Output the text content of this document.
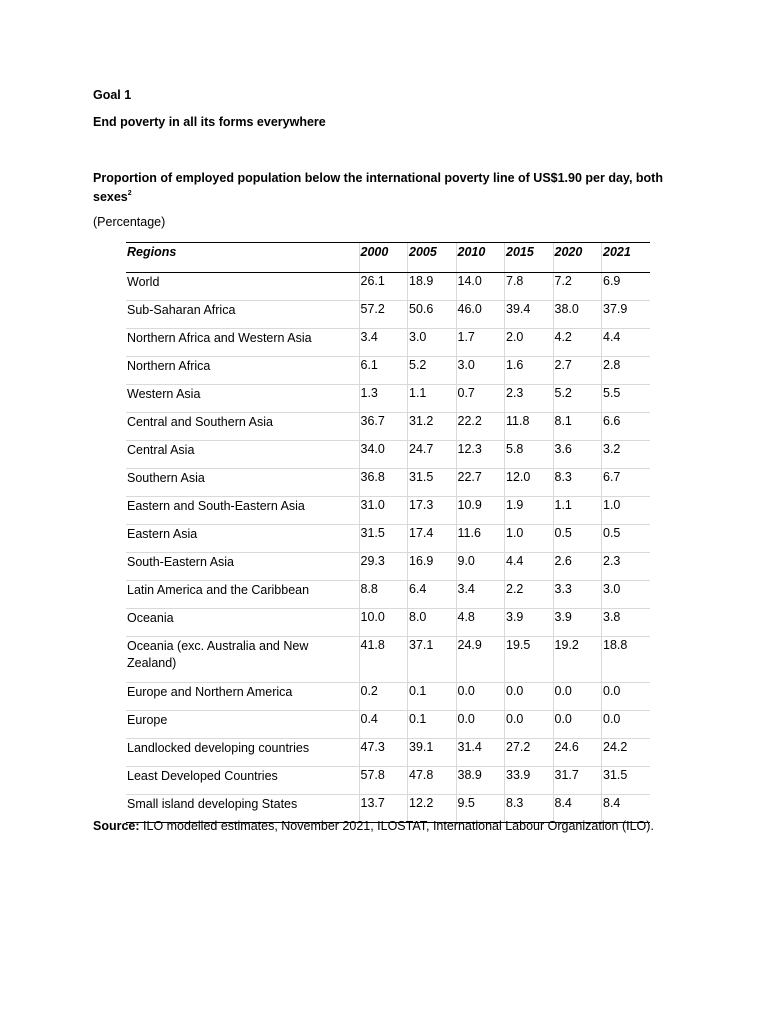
Goal 1
End poverty in all its forms everywhere
Proportion of employed population below the international poverty line of US$1.90 per day, both sexes$^2$
(Percentage)
Regions	2000	2005	2010	2015	2020	2021
World	26.1	18.9	14.0	7.8	7.2	6.9
Sub-Saharan Africa	57.2	50.6	46.0	39.4	38.0	37.9
Northern Africa and Western Asia	3.4	3.0	1.7	2.0	4.2	4.4
Northern Africa	6.1	5.2	3.0	1.6	2.7	2.8
Western Asia	1.3	1.1	0.7	2.3	5.2	5.5
Central and Southern Asia	36.7	31.2	22.2	11.8	8.1	6.6
Central Asia	34.0	24.7	12.3	5.8	3.6	3.2
Southern Asia	36.8	31.5	22.7	12.0	8.3	6.7
Eastern and South-Eastern Asia	31.0	17.3	10.9	1.9	1.1	1.0
Eastern Asia	31.5	17.4	11.6	1.0	0.5	0.5
South-Eastern Asia	29.3	16.9	9.0	4.4	2.6	2.3
Latin America and the Caribbean	8.8	6.4	3.4	2.2	3.3	3.0
Oceania	10.0	8.0	4.8	3.9	3.9	3.8
Oceania (exc. Australia and New Zealand)	41.8	37.1	24.9	19.5	19.2	18.8
Europe and Northern America	0.2	0.1	0.0	0.0	0.0	0.0
Europe	0.4	0.1	0.0	0.0	0.0	0.0
Landlocked developing countries	47.3	39.1	31.4	27.2	24.6	24.2
Least Developed Countries	57.8	47.8	38.9	33.9	31.7	31.5
Small island developing States	13.7	12.2	9.5	8.3	8.4	8.4
Source: ILO modelled estimates, November 2021, ILOSTAT, International Labour Organization (ILO).
